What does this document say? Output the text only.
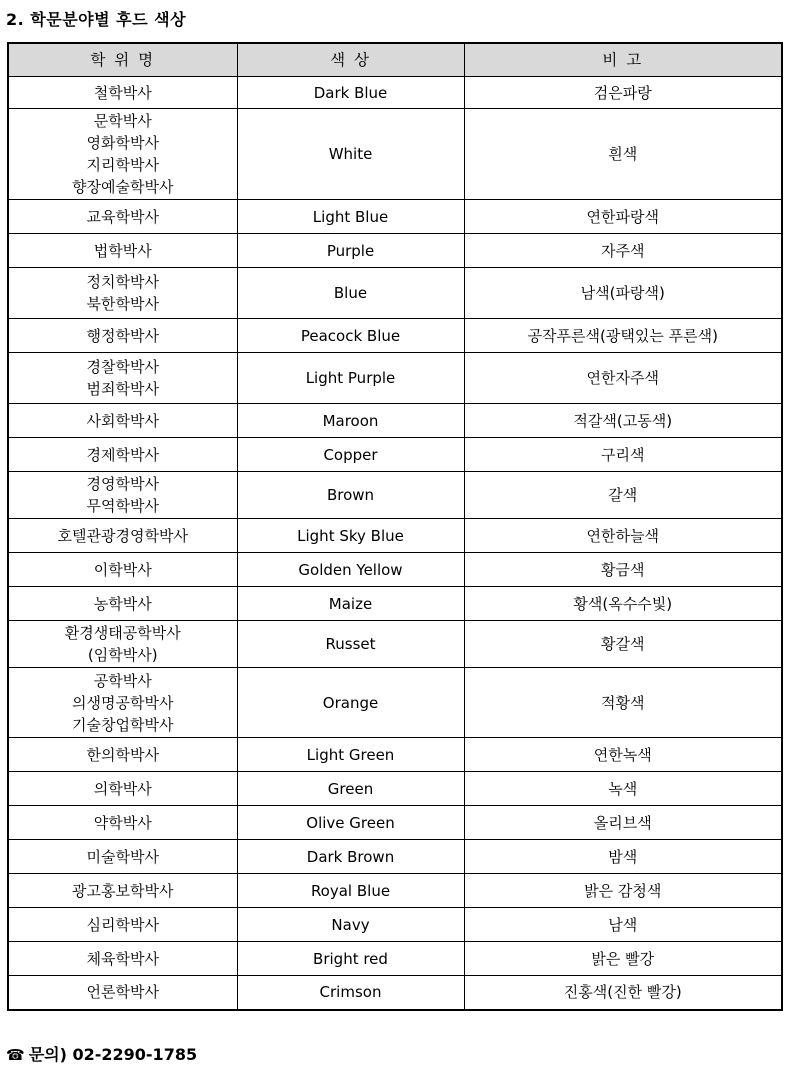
2. 학문분야별 후드 색상
학 위 명	색 상	비 고

철학박사	Dark Blue	검은파랑

문학박사
영화학박사
지리학박사
향장예술학박사	White	흰색

교육학박사	Light Blue	연한파랑색

법학박사	Purple	자주색

정치학박사
북한학박사	Blue	남색(파랑색)

행정학박사	Peacock Blue	공작푸른색(광택있는 푸른색)

경찰학박사
범죄학박사	Light Purple	연한자주색

사회학박사	Maroon	적갈색(고동색)

경제학박사	Copper	구리색

경영학박사
무역학박사	Brown	갈색

호텔관광경영학박사	Light Sky Blue	연한하늘색

이학박사	Golden Yellow	황금색

농학박사	Maize	황색(옥수수빛)

환경생태공학박사
(임학박사)	Russet	황갈색

공학박사
의생명공학박사
기술창업학박사	Orange	적황색

한의학박사	Light Green	연한녹색

의학박사	Green	녹색

약학박사	Olive Green	올리브색

미술학박사	Dark Brown	밤색

광고홍보학박사	Royal Blue	밝은 감청색

심리학박사	Navy	남색

체육학박사	Bright red	밝은 빨강

언론학박사	Crimson	진홍색(진한 빨강)
☎ 문의) 02-2290-1785
